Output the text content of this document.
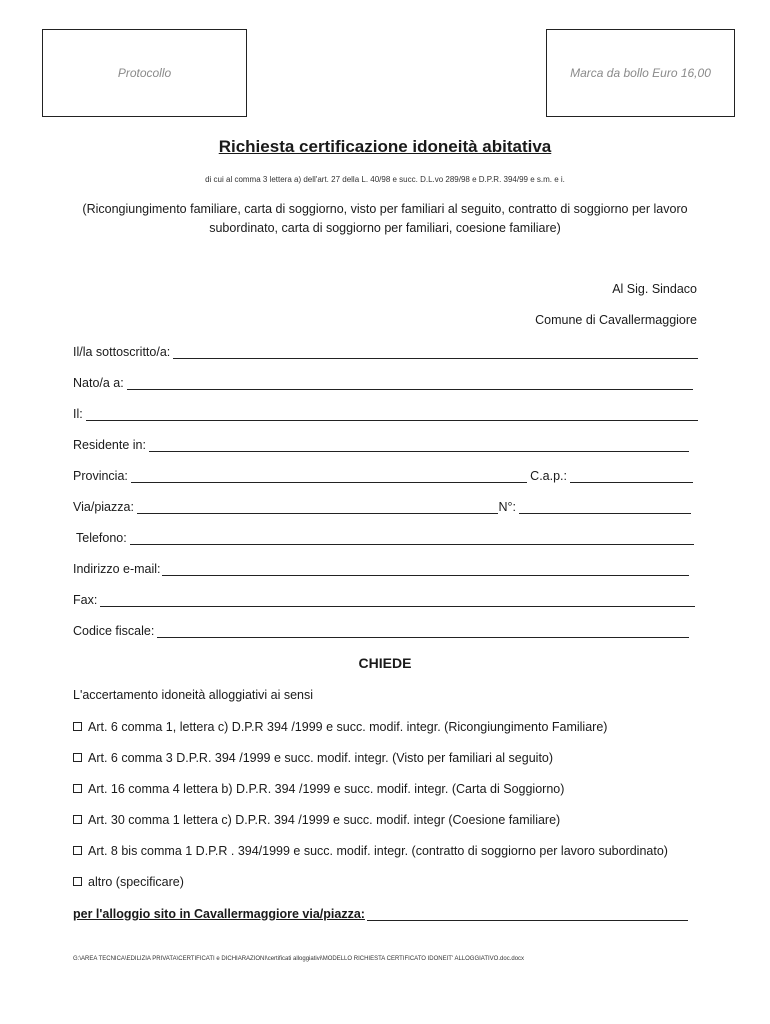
Protocollo	Marca da bollo Euro 16,00
Richiesta certificazione idoneità abitativa
di cui al comma 3 lettera a) dell'art. 27 della L. 40/98 e succ. D.L.vo 289/98 e D.P.R. 394/99 e s.m. e i.
(Ricongiungimento familiare, carta di soggiorno, visto per familiari al seguito, contratto di soggiorno per lavoro subordinato, carta di soggiorno per familiari, coesione familiare)
Al Sig. Sindaco
Comune di Cavallermaggiore
Il/la sottoscritto/a:
Nato/a a:
Il:
Residente in:
Provincia:	C.a.p.:
Via/piazza:	N°:
Telefono:
Indirizzo e-mail:
Fax:
Codice fiscale:
CHIEDE
L'accertamento idoneità alloggiativi ai sensi
Art. 6 comma 1, lettera c) D.P.R 394 /1999 e succ. modif. integr. (Ricongiungimento Familiare)
Art. 6 comma 3 D.P.R. 394 /1999 e succ. modif. integr. (Visto per familiari al seguito)
Art. 16 comma 4 lettera b) D.P.R. 394 /1999 e succ. modif. integr. (Carta di Soggiorno)
Art. 30 comma 1 lettera c) D.P.R. 394 /1999 e succ. modif. integr (Coesione familiare)
Art. 8 bis comma 1 D.P.R . 394/1999 e succ. modif. integr. (contratto di soggiorno per lavoro subordinato)
altro (specificare)
per l'alloggio sito in Cavallermaggiore via/piazza:
G:\AREA TECNICA\EDILIZIA PRIVATA\CERTIFICATI e DICHIARAZIONI\certificati alloggiativi\MODELLO RICHIESTA CERTIFICATO IDONEIT' ALLOGGIATIVO.doc.docx
